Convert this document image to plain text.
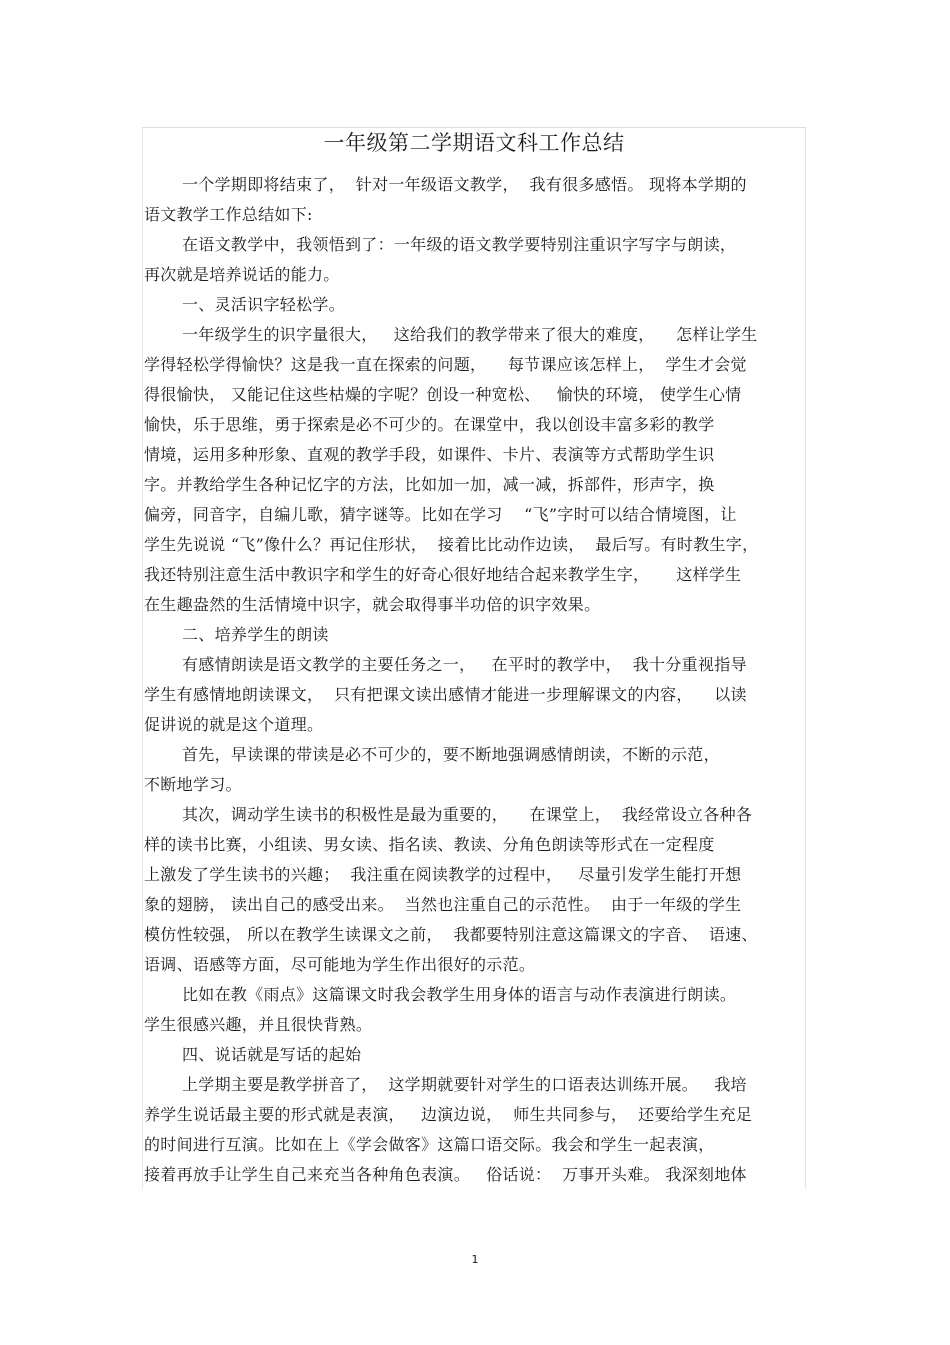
一年级第二学期语文科工作总结
一个学期即将结束了，  针对一年级语文教学，  我有很多感悟。 现将本学期的
语文教学工作总结如下:
在语文教学中，我领悟到了：一年级的语文教学要特别注重识字写字与朗读，
再次就是培养说话的能力。
一、灵活识字轻松学。
一年级学生的识字量很大，   这给我们的教学带来了很大的难度，    怎样让学生
学得轻松学得愉快？这是我一直在探索的问题，    每节课应该怎样上，  学生才会觉
得很愉快， 又能记住这些枯燥的字呢？创设一种宽松、   愉快的环境， 使学生心情
愉快，乐于思维，勇于探索是必不可少的。在课堂中，我以创设丰富多彩的教学
情境，运用多种形象、直观的教学手段，如课件、卡片、表演等方式帮助学生识
字。并教给学生各种记忆字的方法，比如加一加，减一减，拆部件，形声字，换
偏旁，同音字，自编儿歌，猜字谜等。比如在学习    “飞”字时可以结合情境图，让
学生先说说 “飞”像什么？再记住形状，  接着比比动作边读，  最后写。有时教生字，
我还特别注意生活中教识字和学生的好奇心很好地结合起来教学生字，     这样学生
在生趣盎然的生活情境中识字，就会取得事半功倍的识字效果。
二、培养学生的朗读
有感情朗读是语文教学的主要任务之一，   在平时的教学中，  我十分重视指导
学生有感情地朗读课文，  只有把课文读出感情才能进一步理解课文的内容，    以读
促讲说的就是这个道理。
首先，早读课的带读是必不可少的，要不断地强调感情朗读，不断的示范，
不断地学习。
其次，调动学生读书的积极性是最为重要的，    在课堂上，  我经常设立各种各
样的读书比赛，小组读、男女读、指名读、教读、分角色朗读等形式在一定程度
上激发了学生读书的兴趣；  我注重在阅读教学的过程中，   尽量引发学生能打开想
象的翅膀， 读出自己的感受出来。  当然也注重自己的示范性。  由于一年级的学生
模仿性较强， 所以在教学生读课文之前，  我都要特别注意这篇课文的字音、  语速、
语调、语感等方面，尽可能地为学生作出很好的示范。
比如在教《雨点》这篇课文时我会教学生用身体的语言与动作表演进行朗读。
学生很感兴趣，并且很快背熟。
四、说话就是写话的起始
上学期主要是教学拼音了，  这学期就要针对学生的口语表达训练开展。   我培
养学生说话最主要的形式就是表演，   边演边说，  师生共同参与，  还要给学生充足
的时间进行互演。比如在上《学会做客》这篇口语交际。我会和学生一起表演，
接着再放手让学生自己来充当各种角色表演。   俗话说：  万事开头难。 我深刻地体
1
